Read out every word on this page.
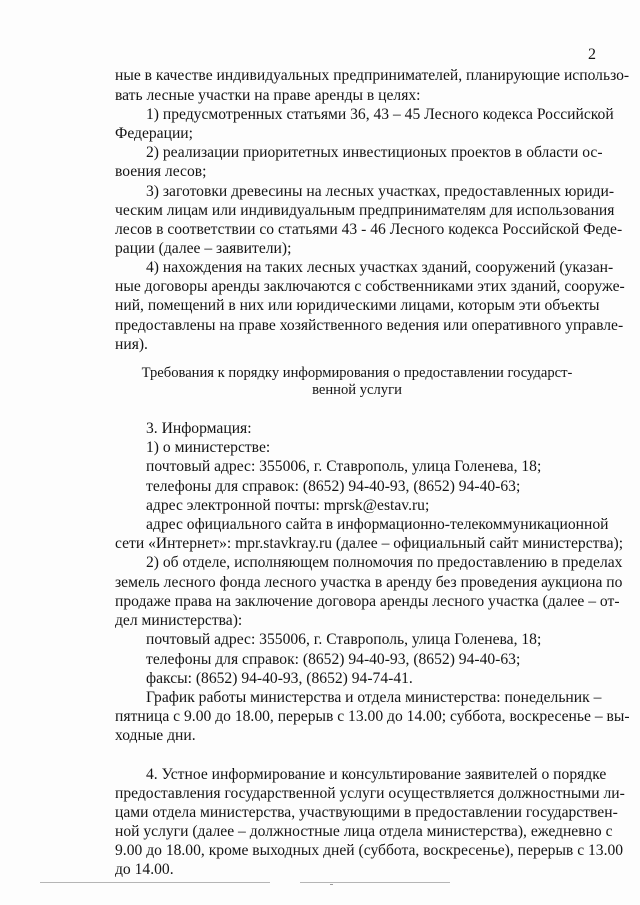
2
ные в качестве индивидуальных предпринимателей, планирующие использо-
вать лесные участки на праве аренды в целях:
1) предусмотренных статьями 36, 43 – 45 Лесного кодекса Российской
Федерации;
2) реализации приоритетных инвестиционых проектов в области ос-
воения лесов;
3) заготовки древесины на лесных участках, предоставленных юриди-
ческим лицам или индивидуальным предпринимателям для использования
лесов в соответствии со статьями 43 - 46 Лесного кодекса Российской Феде-
рации (далее – заявители);
4) нахождения на таких лесных участках зданий, сооружений (указан-
ные договоры аренды заключаются с собственниками этих зданий, сооруже-
ний, помещений в них или юридическими лицами, которым эти объекты
предоставлены на праве хозяйственного ведения или оперативного управле-
ния).
Требования к порядку информирования о предоставлении государст-
венной услуги
3. Информация:
1) о министерстве:
почтовый адрес: 355006, г. Ставрополь, улица Голенева, 18;
телефоны для справок: (8652) 94-40-93, (8652) 94-40-63;
адрес электронной почты: mprsk@estav.ru;
адрес официального сайта в информационно-телекоммуникационной
сети «Интернет»: mpr.stavkray.ru (далее – официальный сайт министерства);
2) об отделе, исполняющем полномочия по предоставлению в пределах
земель лесного фонда лесного участка в аренду без проведения аукциона по
продаже права на заключение договора аренды лесного участка (далее – от-
дел министерства):
почтовый адрес: 355006, г. Ставрополь, улица Голенева, 18;
телефоны для справок: (8652) 94-40-93, (8652) 94-40-63;
факсы: (8652) 94-40-93, (8652) 94-74-41.
График работы министерства и отдела министерства: понедельник –
пятница с 9.00 до 18.00, перерыв с 13.00 до 14.00; суббота, воскресенье – вы-
ходные дни.
4. Устное информирование и консультирование заявителей о порядке
предоставления государственной услуги осуществляется должностными ли-
цами отдела министерства, участвующими в предоставлении государствен-
ной услуги (далее – должностные лица отдела министерства), ежедневно с
9.00 до 18.00, кроме выходных дней (суббота, воскресенье), перерыв с 13.00
до 14.00.
